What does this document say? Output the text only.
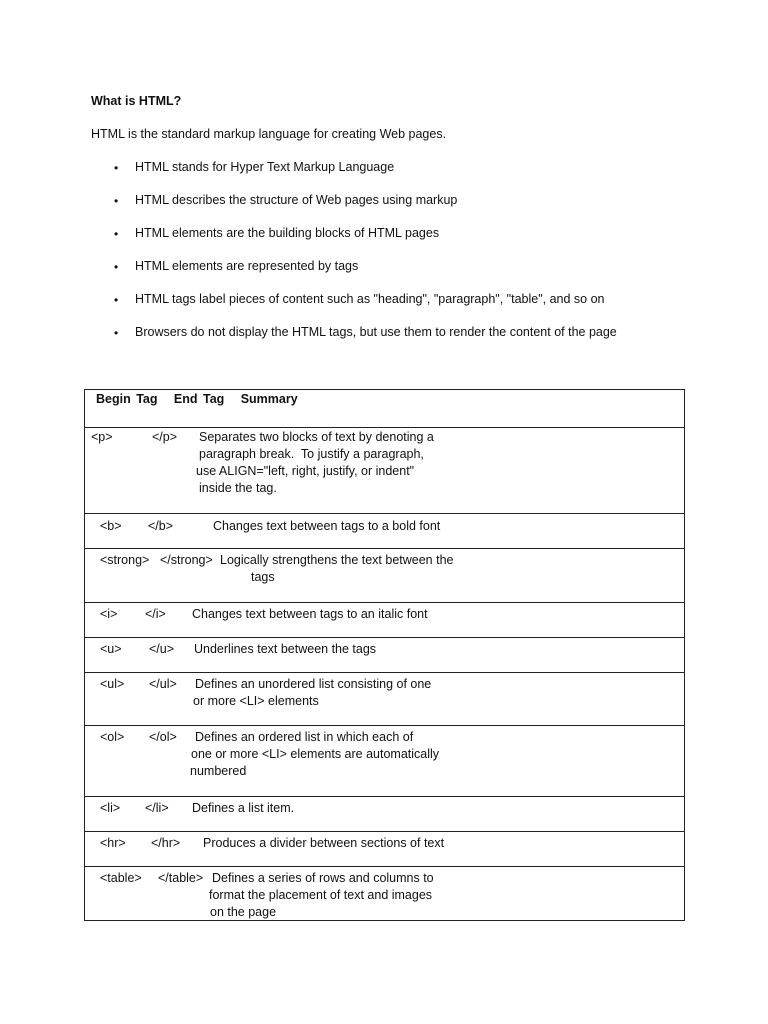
What is HTML?
HTML is the standard markup language for creating Web pages.
• HTML stands for Hyper Text Markup Language
• HTML describes the structure of Web pages using markup
• HTML elements are the building blocks of HTML pages
• HTML elements are represented by tags
• HTML tags label pieces of content such as "heading", "paragraph", "table", and so on
• Browsers do not display the HTML tags, but use them to render the content of the page
Begin Tag   End Tag   Summary
<p>	</p> Separates two blocks of text by denoting a
paragraph break.  To justify a paragraph,
use ALIGN="left, right, justify, or indent"
inside the tag.
<b> </b>	Changes text between tags to a bold font
<strong> </strong> Logically strengthens the text between the
tags
<i> </i> Changes text between tags to an italic font
<u> </u> Underlines text between the tags
<ul> </ul> Defines an unordered list consisting of one
or more <LI> elements
<ol> </ol> Defines an ordered list in which each of
one or more <LI> elements are automatically
numbered
<li> </li> Defines a list item.
<hr> </hr> Produces a divider between sections of text
<table> </table> Defines a series of rows and columns to
format the placement of text and images
on the page
